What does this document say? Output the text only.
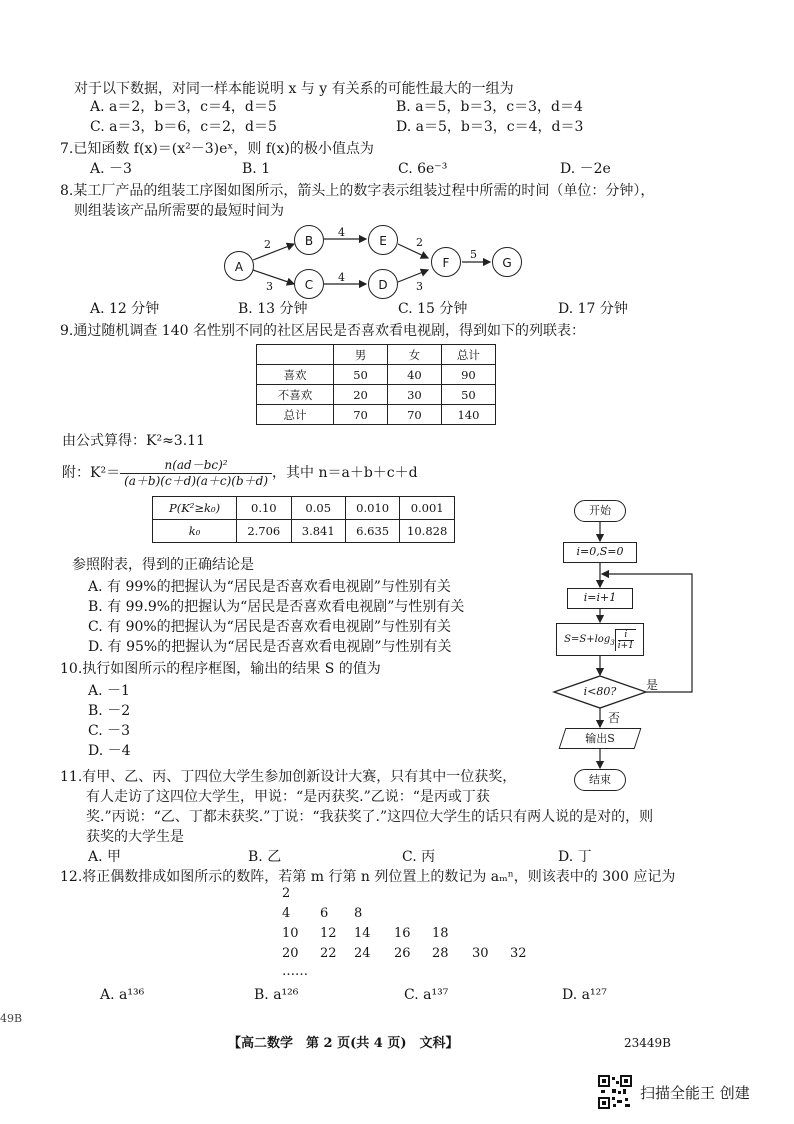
对于以下数据，对同一样本能说明 x 与 y 有关系的可能性最大的一组为
A. a＝2，b＝3，c＝4，d＝5	B. a＝5，b＝3，c＝3，d＝4
C. a＝3，b＝6，c＝2，d＝5	D. a＝5，b＝3，c＝4，d＝3
7.已知函数 f(x)＝(x²－3)eˣ，则 f(x)的极小值点为
A. －3	B. 1	C. 6e⁻³	D. －2e
8.某工厂产品的组装工序图如图所示，箭头上的数字表示组装过程中所需的时间（单位：分钟），
则组装该产品所需要的最短时间为
A
B
C
E
D
F	G
2
3
4
4
2
3
5
A. 12 分钟	B. 13 分钟	C. 15 分钟	D. 17 分钟
9.通过随机调查 140 名性别不同的社区居民是否喜欢看电视剧，得到如下的列联表：
	男	女	总计
喜欢	50	40	90
不喜欢	20	30	50
总计	70	70	140
由公式算得：K²≈3.11
附：$K^2= \frac{\text{n(ad－bc)²}}{(a+b)(c+d)(a+c)(b+d)}$ ，其中 n＝a＋b＋c＋d
P(K²≥k₀)	0.10	0.05	0.010	0.001
k₀	2.706	3.841	6.635	10.828
参照附表，得到的正确结论是
A. 有 99%的把握认为“居民是否喜欢看电视剧”与性别有关
B. 有 99.9%的把握认为“居民是否喜欢看电视剧”与性别有关
C. 有 90%的把握认为“居民是否喜欢看电视剧”与性别有关
D. 有 95%的把握认为“居民是否喜欢看电视剧”与性别有关
10.执行如图所示的程序框图，输出的结果 S 的值为
A. －1
B. －2
C. －3
D. －4
开始
i=0,S=0
i=i+1
$S=S+\log_3 \frac{i}{i+1}$
i<80?	是
否
输出S
结束
11.有甲、乙、丙、丁四位大学生参加创新设计大赛，只有其中一位获奖，
有人走访了这四位大学生，甲说：“是丙获奖.”乙说：“是丙或丁获
奖.”丙说：“乙、丁都未获奖.”丁说：“我获奖了.”这四位大学生的话只有两人说的是对的，则
获奖的大学生是
A. 甲	B. 乙	C. 丙	D. 丁
12.将正偶数排成如图所示的数阵，若第 m 行第 n 列位置上的数记为 aₘⁿ，则该表中的 300 应记为
2
4 6 8
10 12 14 16 18
20 22 24 26 28 30 32
……
A. a¹³⁶	B. a¹²⁶	C. a¹³⁷	D. a¹²⁷
49B
【高二数学　第 2 页(共 4 页)　文科】	23449B
扫描全能王 创建
